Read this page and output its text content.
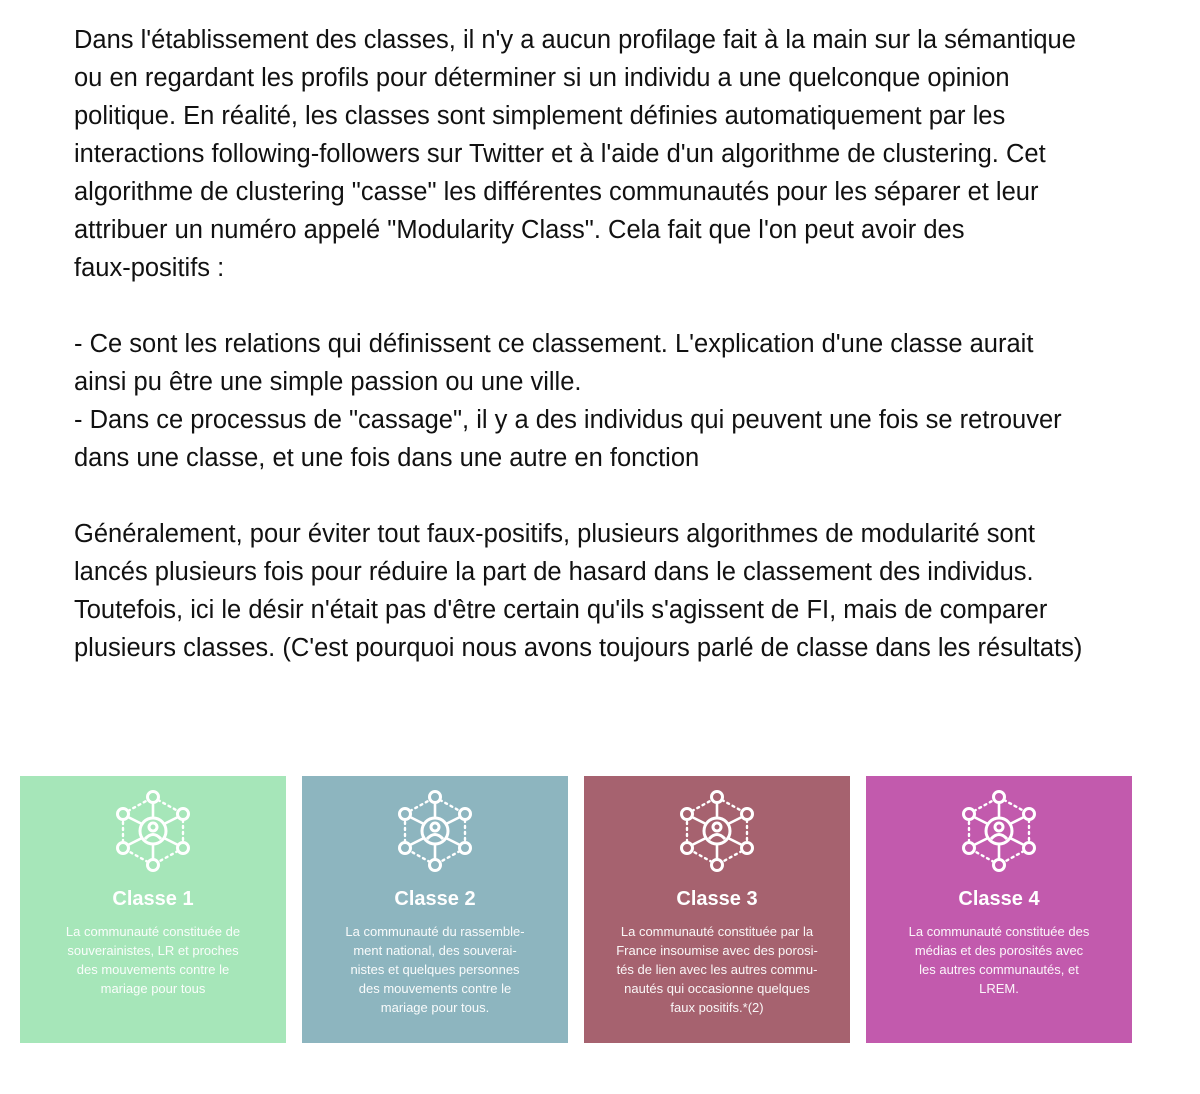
Dans l'établissement des classes, il n'y a aucun profilage fait à la main sur la sémantique
ou en regardant les profils pour déterminer si un individu a une quelconque opinion
politique. En réalité, les classes sont simplement définies automatiquement par les
interactions following-followers sur Twitter et à l'aide d'un algorithme de clustering. Cet
algorithme de clustering "casse" les différentes communautés pour les séparer et leur
attribuer un numéro appelé "Modularity Class". Cela fait que l'on peut avoir des
faux-positifs :

- Ce sont les relations qui définissent ce classement. L'explication d'une classe aurait
ainsi pu être une simple passion ou une ville.

- Dans ce processus de "cassage", il y a des individus qui peuvent une fois se retrouver
dans une classe, et une fois dans une autre en fonction

Généralement, pour éviter tout faux-positifs, plusieurs algorithmes de modularité sont
lancés plusieurs fois pour réduire la part de hasard dans le classement des individus.
Toutefois, ici le désir n'était pas d'être certain qu'ils s'agissent de FI, mais de comparer
plusieurs classes. (C'est pourquoi nous avons toujours parlé de classe dans les résultats)

Classe 1
La communauté constituée de
souverainistes, LR et proches
des mouvements contre le
mariage pour tous
Classe 2
La communauté du rassemble-
ment national, des souverai-
nistes et quelques personnes
des mouvements contre le
mariage pour tous.
Classe 3
La communauté constituée par la
France insoumise avec des porosi-
tés de lien avec les autres commu-
nautés qui occasionne quelques
faux positifs.*(2)
Classe 4
La communauté constituée des
médias et des porosités avec
les autres communautés, et
LREM.
